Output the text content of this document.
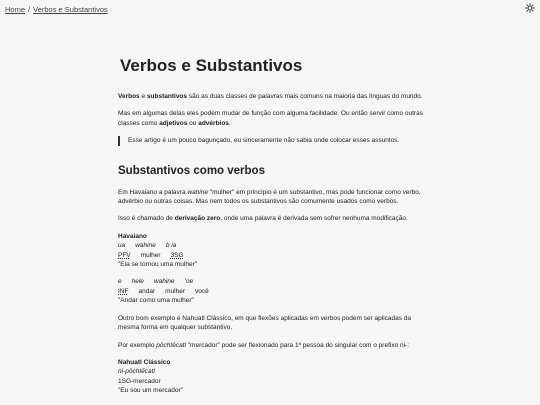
Home / Verbos e Substantivos
Verbos e Substantivos

Verbos e substantivos são as duas classes de palavras mais comuns na maioria das línguas do mundo.

Mas em algumas delas eles podem mudar de função com alguma facilidade. Ou então servir como outras classes como adjetivos ou advérbios.

Esse artigo é um pouco bagunçado, eu sinceramente não sabia onde colocar esses assuntos.
Substantivos como verbos

Em Havaiano a palavra wahine "mulher" em princípio é um substantivo, mas pode funcionar como verbo, advérbio ou outras coisas. Mas nem todos os substantivos são comumente usados como verbos.

Isso é chamado de derivação zero, onde uma palavra é derivada sem sofrer nenhuma modificação.

Havaiano
ua wahine b ia
PFV mulher 3SG
"Ela se tornou uma mulher"
e hele wahine ʻoe
INF andar mulher você
"Andar como uma mulher"

Outro bom exemplo é Nahuatl Clássico, em que flexões aplicadas em verbos podem ser aplicadas da mesma forma em qualquer substantivo.

Por exemplo pōchtēcatl "mercador" pode ser flexionado para 1ª pessoa do singular com o prefixo ni-:

Nahuatl Clássico
ni-pōchtēcatl
1SG-mercador
"Eu sou um mercador"
